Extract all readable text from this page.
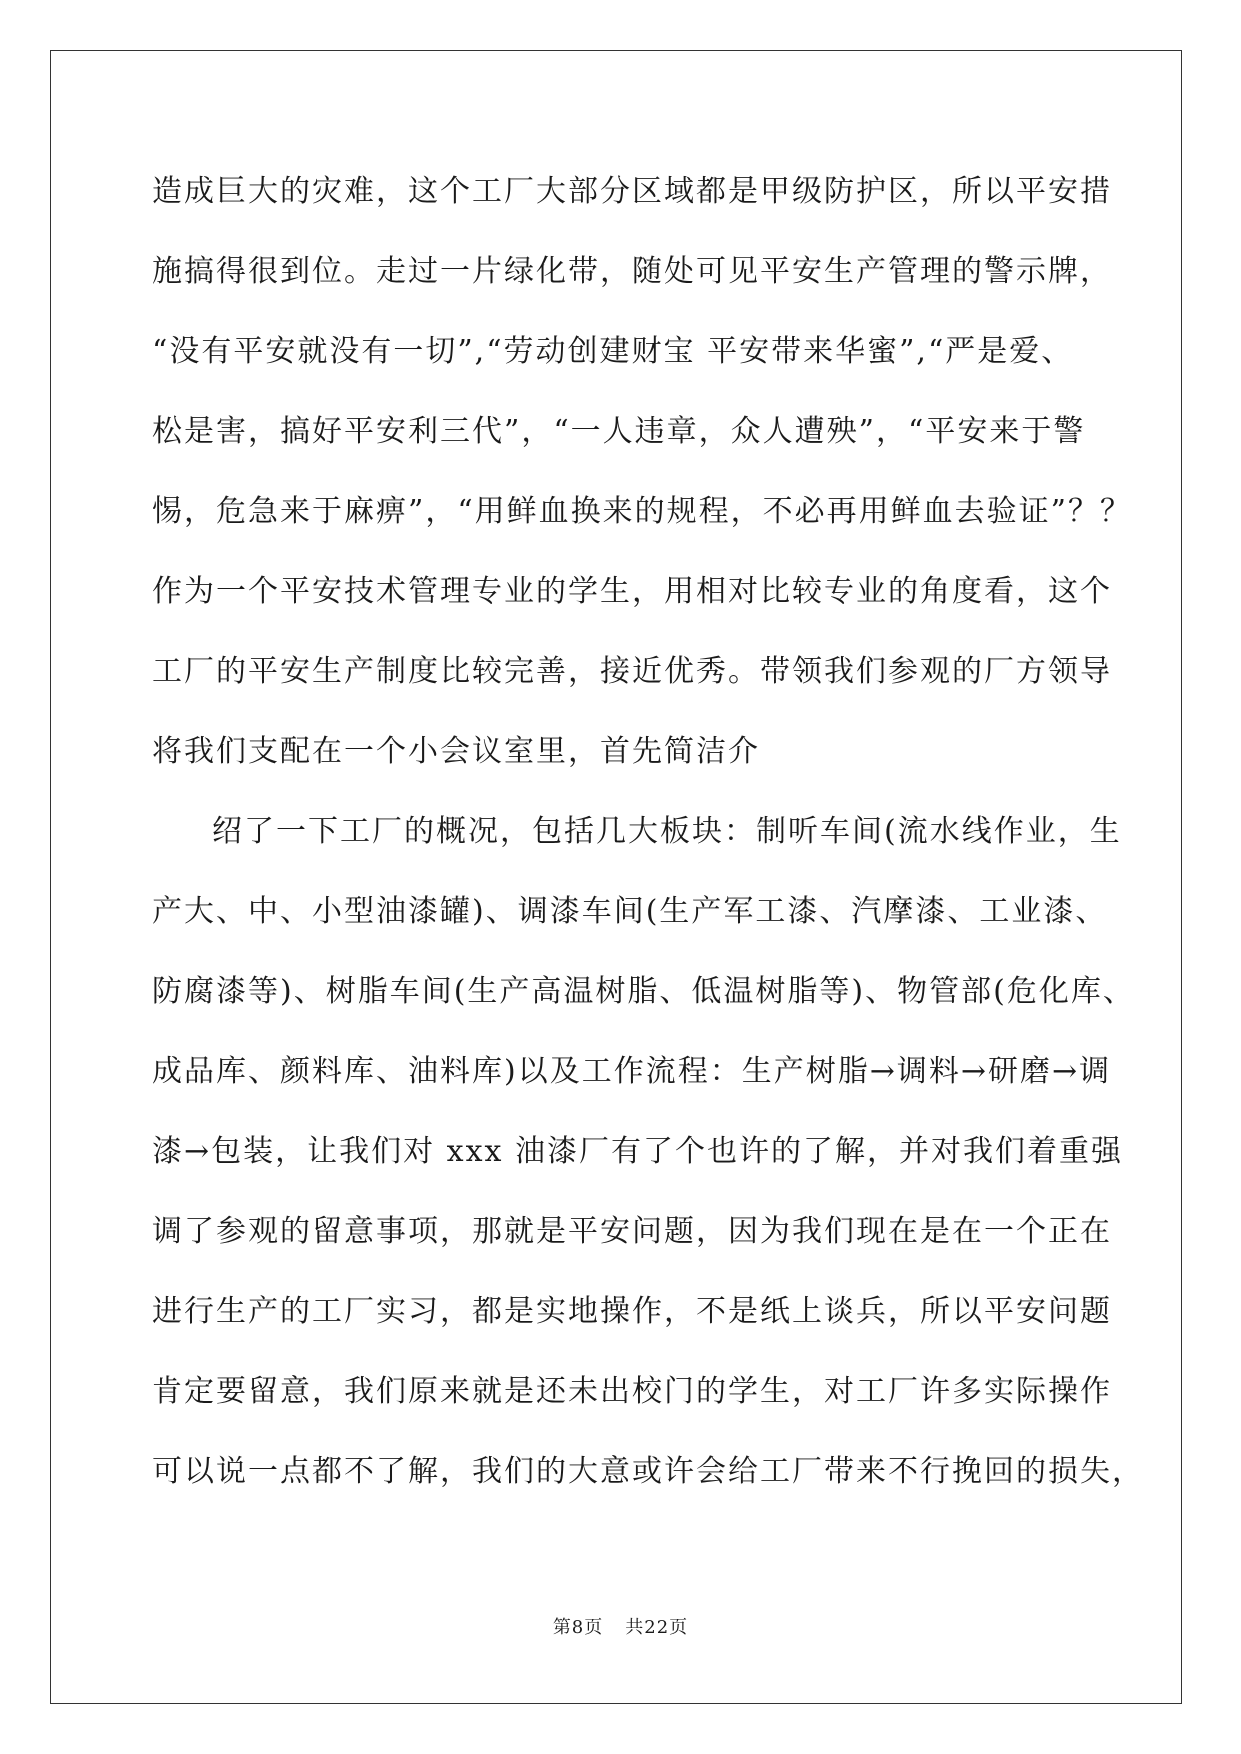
造成巨大的灾难，这个工厂大部分区域都是甲级防护区，所以平安措
施搞得很到位。走过一片绿化带，随处可见平安生产管理的警示牌，
“没有平安就没有一切”,“劳动创建财宝 平安带来华蜜”,“严是爱、
松是害，搞好平安利三代”，“一人违章，众人遭殃”，“平安来于警
惕，危急来于麻痹”，“用鲜血换来的规程，不必再用鲜血去验证”？？
作为一个平安技术管理专业的学生，用相对比较专业的角度看，这个
工厂的平安生产制度比较完善，接近优秀。带领我们参观的厂方领导
将我们支配在一个小会议室里，首先简洁介
绍了一下工厂的概况，包括几大板块：制听车间(流水线作业，生
产大、中、小型油漆罐)、调漆车间(生产军工漆、汽摩漆、工业漆、
防腐漆等)、树脂车间(生产高温树脂、低温树脂等)、物管部(危化库、
成品库、颜料库、油料库)以及工作流程：生产树脂→调料→研磨→调
漆→包装，让我们对 xxx 油漆厂有了个也许的了解，并对我们着重强
调了参观的留意事项，那就是平安问题，因为我们现在是在一个正在
进行生产的工厂实习，都是实地操作，不是纸上谈兵，所以平安问题
肯定要留意，我们原来就是还未出校门的学生，对工厂许多实际操作
可以说一点都不了解，我们的大意或许会给工厂带来不行挽回的损失，
第8页 共22页
